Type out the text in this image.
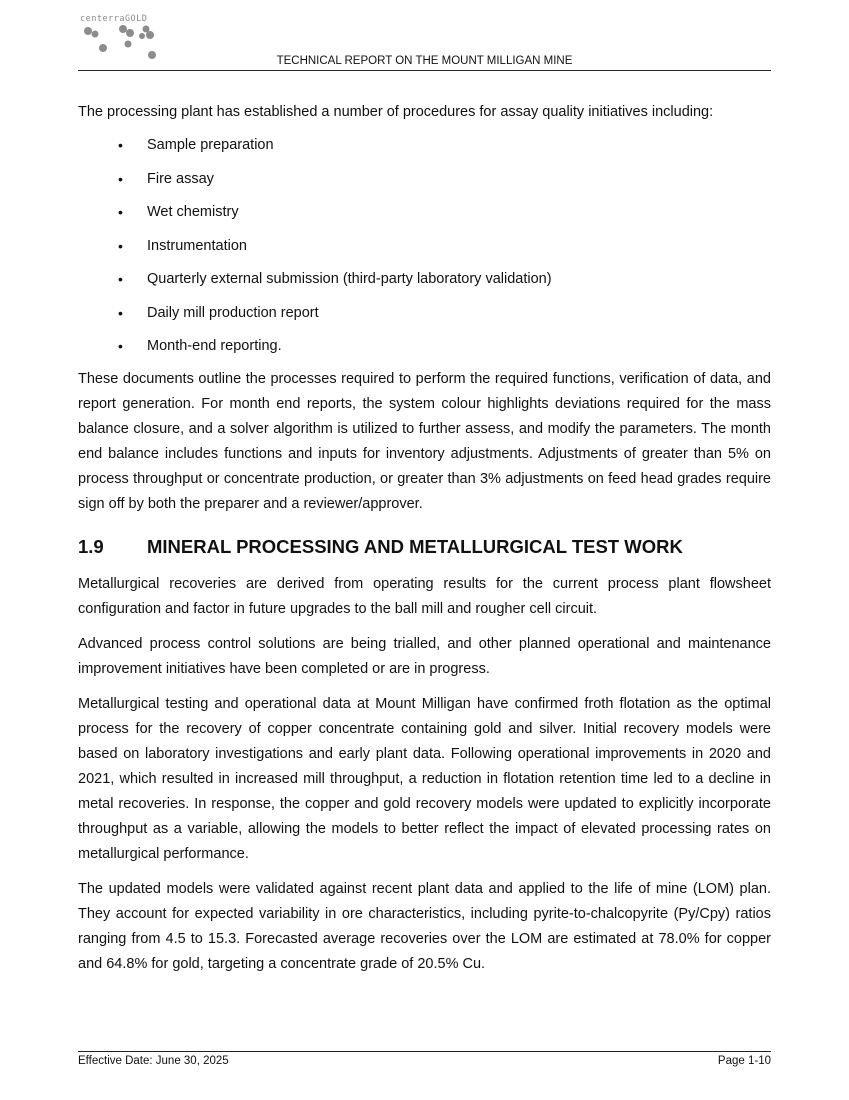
centerraGOLD
TECHNICAL REPORT ON THE MOUNT MILLIGAN MINE

The processing plant has established a number of procedures for assay quality initiatives including:

• Sample preparation
• Fire assay
• Wet chemistry
• Instrumentation
• Quarterly external submission (third-party laboratory validation)
• Daily mill production report
• Month-end reporting.

These documents outline the processes required to perform the required functions, verification of data, and report generation. For month end reports, the system colour highlights deviations required for the mass balance closure, and a solver algorithm is utilized to further assess, and modify the parameters. The month end balance includes functions and inputs for inventory adjustments. Adjustments of greater than 5% on process throughput or concentrate production, or greater than 3% adjustments on feed head grades require sign off by both the preparer and a reviewer/approver.

1.9	MINERAL PROCESSING AND METALLURGICAL TEST WORK

Metallurgical recoveries are derived from operating results for the current process plant flowsheet configuration and factor in future upgrades to the ball mill and rougher cell circuit.

Advanced process control solutions are being trialled, and other planned operational and maintenance improvement initiatives have been completed or are in progress.

Metallurgical testing and operational data at Mount Milligan have confirmed froth flotation as the optimal process for the recovery of copper concentrate containing gold and silver. Initial recovery models were based on laboratory investigations and early plant data. Following operational improvements in 2020 and 2021, which resulted in increased mill throughput, a reduction in flotation retention time led to a decline in metal recoveries. In response, the copper and gold recovery models were updated to explicitly incorporate throughput as a variable, allowing the models to better reflect the impact of elevated processing rates on metallurgical performance.

The updated models were validated against recent plant data and applied to the life of mine (LOM) plan. They account for expected variability in ore characteristics, including pyrite-to-chalcopyrite (Py/Cpy) ratios ranging from 4.5 to 15.3. Forecasted average recoveries over the LOM are estimated at 78.0% for copper and 64.8% for gold, targeting a concentrate grade of 20.5% Cu.

Effective Date: June 30, 2025	Page 1-10
